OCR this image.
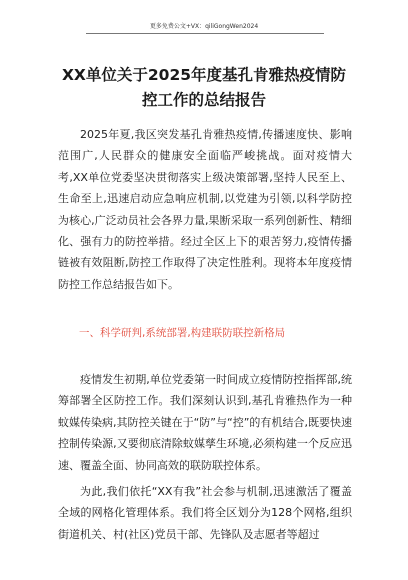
更多免费公文+VX：qiliGongWen2024
XX单位关于2025年度基孔肯雅热疫情防控工作的总结报告

2025年夏,我区突发基孔肯雅热疫情,传播速度快、影响范围广,人民群众的健康安全面临严峻挑战。面对疫情大考,XX单位党委坚决贯彻落实上级决策部署,坚持人民至上、生命至上,迅速启动应急响应机制,以党建为引领,以科学防控为核心,广泛动员社会各界力量,果断采取一系列创新性、精细化、强有力的防控举措。经过全区上下的艰苦努力,疫情传播链被有效阻断,防控工作取得了决定性胜利。现将本年度疫情防控工作总结报告如下。

一、科学研判,系统部署,构建联防联控新格局

疫情发生初期,单位党委第一时间成立疫情防控指挥部,统筹部署全区防控工作。我们深刻认识到,基孔肯雅热作为一种蚊媒传染病,其防控关键在于“防”与“控”的有机结合,既要快速控制传染源,又要彻底清除蚊媒孳生环境,必须构建一个反应迅速、覆盖全面、协同高效的联防联控体系。

为此,我们依托“XX有我”社会参与机制,迅速激活了覆盖全域的网格化管理体系。我们将全区划分为128个网格,组织街道机关、村(社区)党员干部、先锋队及志愿者等超过
